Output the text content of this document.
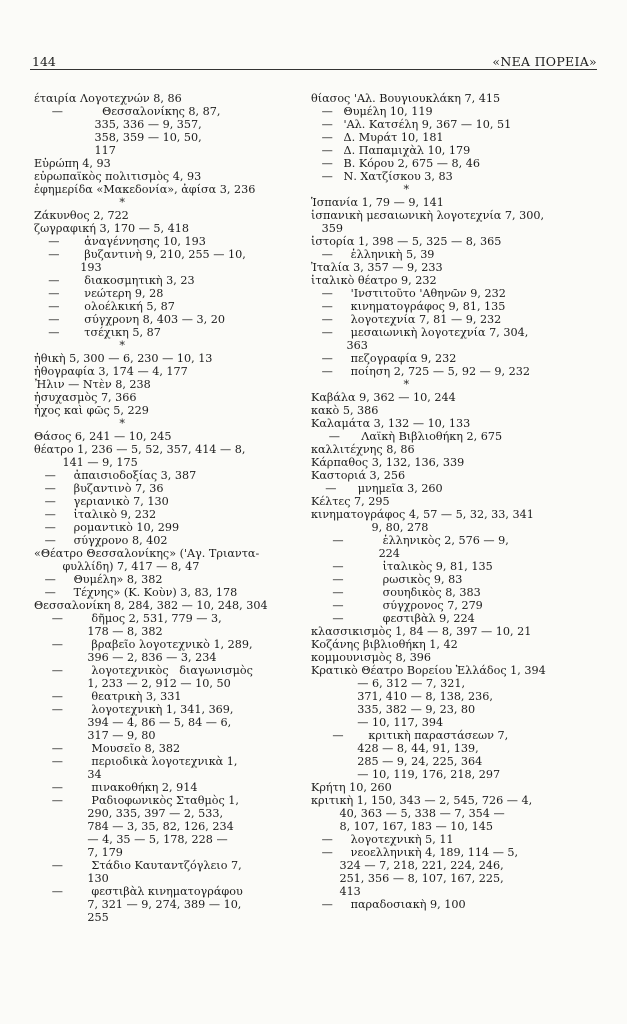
144	«ΝΕΑ ΠΟΡΕΙΑ»
έταιρία Λογοτεχνών 8, 86
—           Θεσσαλονίκης 8, 87,
335, 336 — 9, 357,
358, 359 — 10, 50,
117
Εὐρώπη 4, 93
εὐρωπαϊκὸς πολιτισμὸς 4, 93
ἐφημερίδα «Μακεδονία», ἀφίσα 3, 236
*
Ζάκυνθος 2, 722
ζωγραφική 3, 170 — 5, 418
—       ἀναγέννησης 10, 193
—       βυζαντινὴ 9, 210, 255 — 10,
193
—       διακοσμητικὴ 3, 23
—       νεώτερη 9, 28
—       ολοέλκική 5, 87
—       σύγχρονη 8, 403 — 3, 20
—       τσέχικη 5, 87
*
ἠθικὴ 5, 300 — 6, 230 — 10, 13
ἠθογραφία 3, 174 — 4, 177
Ἦλιν — Ντὲν 8, 238
ἡσυχασμὸς 7, 366
ἦχος καὶ φῶς 5, 229
*
Θάσος 6, 241 — 10, 245
θέατρο 1, 236 — 5, 52, 357, 414 — 8,
141 — 9, 175
—     ἀπαισιοδοξίας 3, 387
—     βυζαντινὸ 7, 36
—     γεριανικὸ 7, 130
—     ἰταλικὸ 9, 232
—     ρομαντικὸ 10, 299
—     σύγχρονο 8, 402
«Θέατρο Θεσσαλονίκης» ('Αγ. Τριαντα-
φυλλίδη) 7, 417 — 8, 47
—     Θυμέλη» 8, 382
—     Τέχνης» (Κ. Κοὺν) 3, 83, 178
Θεσσαλονίκη 8, 284, 382 — 10, 248, 304
—        δῆμος 2, 531, 779 — 3,
178 — 8, 382
—        βραβεῖο λογοτεχνικὸ 1, 289,
396 — 2, 836 — 3, 234
—        λογοτεχνικὸς   διαγωνισμὸς
1, 233 — 2, 912 — 10, 50
—        θεατρικὴ 3, 331
—        λογοτεχνικὴ 1, 341, 369,
394 — 4, 86 — 5, 84 — 6,
317 — 9, 80
—        Μουσεῖο 8, 382
—        περιοδικὰ λογοτεχνικὰ 1,
34
—        πινακοθήκη 2, 914
—        Ραδιοφωνικὸς Σταθμὸς 1,
290, 335, 397 — 2, 533,
784 — 3, 35, 82, 126, 234
— 4, 35 — 5, 178, 228 —
7, 179
—        Στάδιο Καυταντζόγλειο 7,
130
—        φεστιβὰλ κινηματογράφου
7, 321 — 9, 274, 389 — 10,
255
θίασος 'Αλ. Βουγιουκλάκη 7, 415
—   Θυμέλη 10, 119
—   'Αλ. Κατσέλη 9, 367 — 10, 51
—   Δ. Μυράτ 10, 181
—   Δ. Παπαμιχὰλ 10, 179
—   Β. Κόρου 2, 675 — 8, 46
—   Ν. Χατζίσκου 3, 83
*
Ἱσπανία 1, 79 — 9, 141
ἱσπανικὴ μεσαιωνικὴ λογοτεχνία 7, 300,
359
ἱστορία 1, 398 — 5, 325 — 8, 365
—     ἑλληνικὴ 5, 39
Ἰταλία 3, 357 — 9, 233
ἰταλικὸ θέατρο 9, 232
—     'Ινστιτοῦτο 'Αθηνῶν 9, 232
—     κινηματογράφος 9, 81, 135
—     λογοτεχνία 7, 81 — 9, 232
—     μεσαιωνικὴ λογοτεχνία 7, 304,
363
—     πεζογραφία 9, 232
—     ποίηση 2, 725 — 5, 92 — 9, 232
*
Καβάλα 9, 362 — 10, 244
κακὸ 5, 386
Καλαμάτα 3, 132 — 10, 133
—      Λαϊκὴ Βιβλιοθήκη 2, 675
καλλιτέχνης 8, 86
Κάρπαθος 3, 132, 136, 339
Καστοριά 3, 256
—      μνημεῖα 3, 260
Κέλτες 7, 295
κινηματογράφος 4, 57 — 5, 32, 33, 341
9, 80, 278
—           ἑλληνικὸς 2, 576 — 9,
224
—           ἰταλικὸς 9, 81, 135
—           ρωσικὸς 9, 83
—           σουηδικὸς 8, 383
—           σύγχρονος 7, 279
—           φεστιβὰλ 9, 224
κλασσικισμὸς 1, 84 — 8, 397 — 10, 21
Κοζάνης βιβλιοθήκη 1, 42
κομμουνισμὸς 8, 396
Κρατικὸ Θέατρο Βορείου Ἑλλάδος 1, 394
— 6, 312 — 7, 321,
371, 410 — 8, 138, 236,
335, 382 — 9, 23, 80
— 10, 117, 394
—       κριτικὴ παραστάσεων 7,
428 — 8, 44, 91, 139,
285 — 9, 24, 225, 364
— 10, 119, 176, 218, 297
Κρήτη 10, 260
κριτικὴ 1, 150, 343 — 2, 545, 726 — 4,
40, 363 — 5, 338 — 7, 354 —
8, 107, 167, 183 — 10, 145
—     λογοτεχνικὴ 5, 11
—     νεοελληνικὴ 4, 189, 114 — 5,
324 — 7, 218, 221, 224, 246,
251, 356 — 8, 107, 167, 225,
413
—     παραδοσιακὴ 9, 100
